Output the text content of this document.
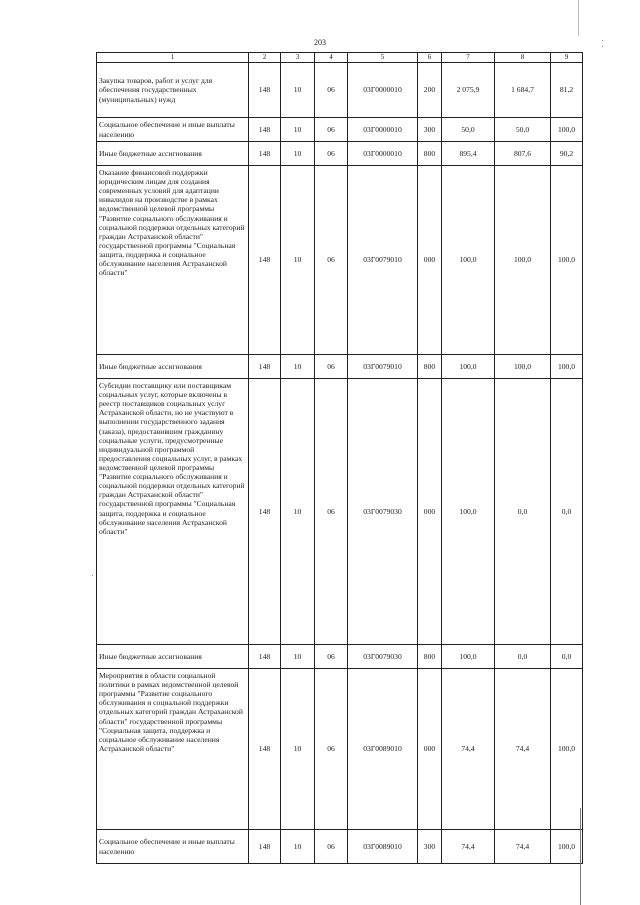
203
1	2	3	4	5	6	7	8	9
Закупка товаров, работ и услуг для обеспечения государственных (муниципальных) нужд	148	10	06	03Г0000010	200	2 075,9	1 684,7	81,2
Социальное обеспечение и иные выплаты населению	148	10	06	03Г0000010	300	50,0	50,0	100,0
Иные бюджетные ассигнования	148	10	06	03Г0000010	800	895,4	807,6	90,2
Оказание финансовой поддержки юридическим лицам для создания современных условий для адаптации инвалидов на производстве в рамках ведомственной целевой программы "Развитие социального обслуживания и социальной поддержки отдельных категорий граждан Астраханской области" государственной программы "Социальная защита, поддержка и социальное обслуживание населения Астраханской области"	148	10	06	03Г0079010	000	100,0	100,0	100,0
Иные бюджетные ассигнования	148	10	06	03Г0079010	800	100,0	100,0	100,0
Субсидии поставщику или поставщикам социальных услуг, которые включены в реестр поставщиков социальных услуг Астраханской области, но не участвуют в выполнении государственного задания (заказа), предоставившим гражданину социальные услуги, предусмотренные индивидуальной программой предоставления социальных услуг, в рамках ведомственной целевой программы "Развитие социального обслуживания и социальной поддержки отдельных категорий граждан Астраханской области" государственной программы "Социальная защита, поддержка и социальное обслуживание населения Астраханской области"	148	10	06	03Г0079030	000	100,0	0,0	0,0
Иные бюджетные ассигнования	148	10	06	03Г0079030	800	100,0	0,0	0,0
Мероприятия в области социальной политики в рамках ведомственной целевой программы "Развитие социального обслуживания и социальной поддержки отдельных категорий граждан Астраханской области" государственной программы "Социальная защита, поддержка и социальное обслуживание населения Астраханской области"	148	10	06	03Г0089010	000	74,4	74,4	100,0
Социальное обеспечение и иные выплаты населению	148	10	06	03Г0089010	300	74,4	74,4	100,0
